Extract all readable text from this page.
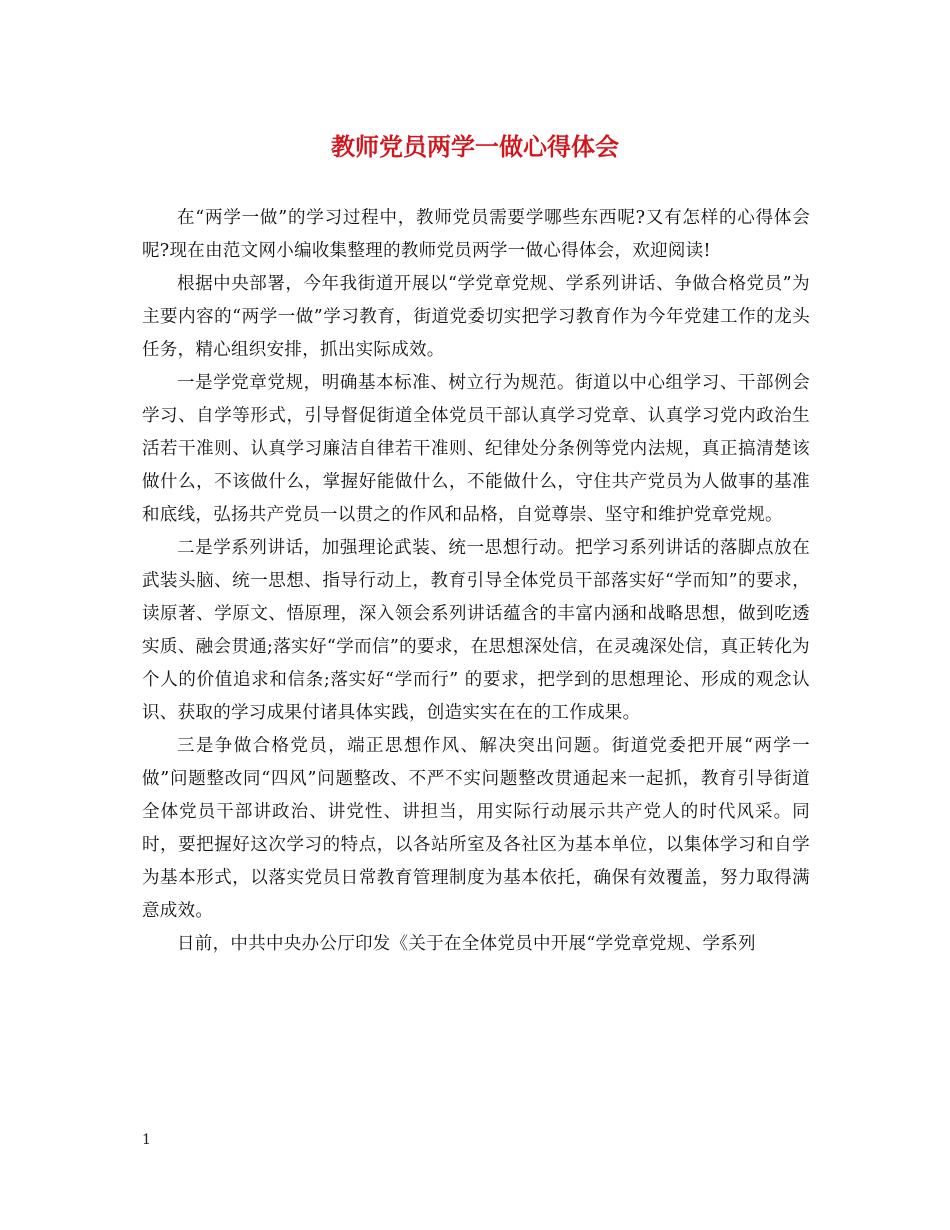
教师党员两学一做心得体会

在“两学一做”的学习过程中，教师党员需要学哪些东西呢?又有怎样的心得体会呢?现在由范文网小编收集整理的教师党员两学一做心得体会，欢迎阅读!

根据中央部署，今年我街道开展以“学党章党规、学系列讲话、争做合格党员”为主要内容的“两学一做”学习教育，街道党委切实把学习教育作为今年党建工作的龙头任务，精心组织安排，抓出实际成效。

一是学党章党规，明确基本标准、树立行为规范。街道以中心组学习、干部例会学习、自学等形式，引导督促街道全体党员干部认真学习党章、认真学习党内政治生活若干准则、认真学习廉洁自律若干准则、纪律处分条例等党内法规，真正搞清楚该做什么，不该做什么，掌握好能做什么，不能做什么，守住共产党员为人做事的基准和底线，弘扬共产党员一以贯之的作风和品格，自觉尊崇、坚守和维护党章党规。

二是学系列讲话，加强理论武装、统一思想行动。把学习系列讲话的落脚点放在武装头脑、统一思想、指导行动上，教育引导全体党员干部落实好“学而知”的要求，读原著、学原文、悟原理，深入领会系列讲话蕴含的丰富内涵和战略思想，做到吃透实质、融会贯通;落实好“学而信”的要求，在思想深处信，在灵魂深处信，真正转化为个人的价值追求和信条;落实好“学而行” 的要求，把学到的思想理论、形成的观念认识、获取的学习成果付诸具体实践，创造实实在在的工作成果。

三是争做合格党员，端正思想作风、解决突出问题。街道党委把开展“两学一做”问题整改同“四风”问题整改、不严不实问题整改贯通起来一起抓，教育引导街道全体党员干部讲政治、讲党性、讲担当，用实际行动展示共产党人的时代风采。同时，要把握好这次学习的特点，以各站所室及各社区为基本单位，以集体学习和自学为基本形式，以落实党员日常教育管理制度为基本依托，确保有效覆盖，努力取得满意成效。

日前，中共中央办公厅印发《关于在全体党员中开展“学党章党规、学系列

1
